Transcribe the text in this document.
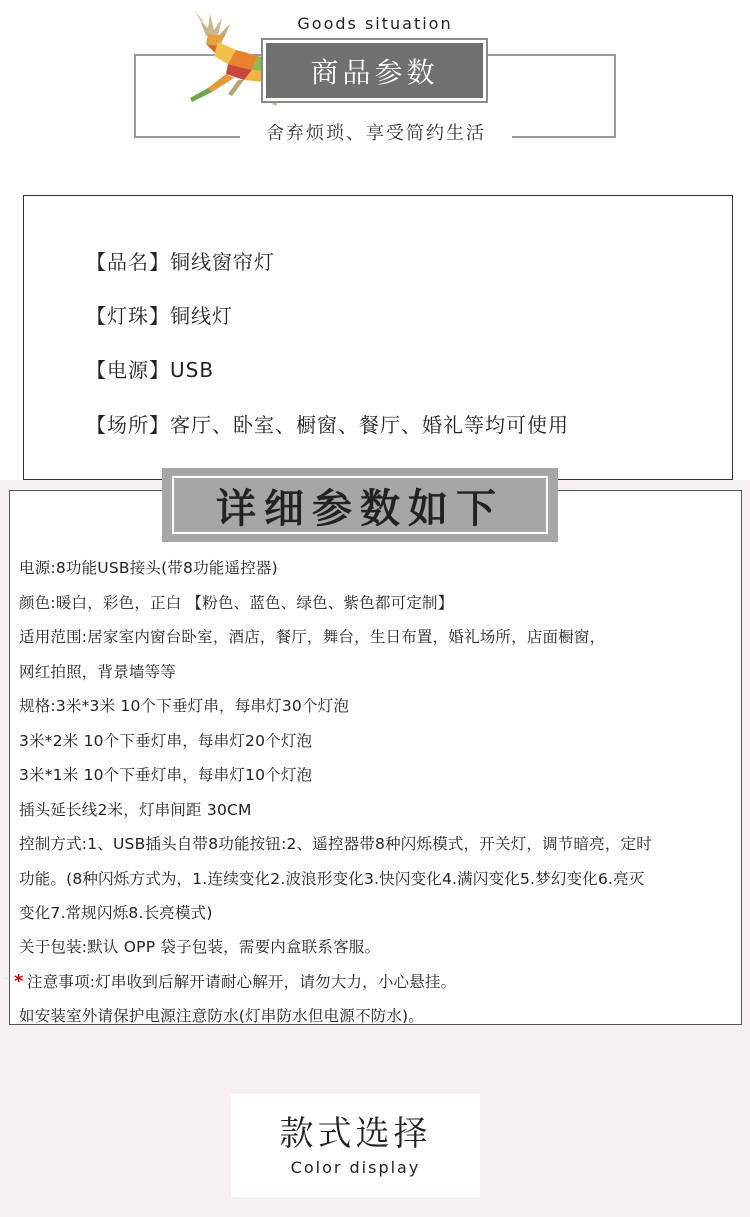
Goods situation
商品参数
舍弃烦琐、享受简约生活
【品名】铜线窗帘灯
【灯珠】铜线灯
【电源】USB
【场所】客厅、卧室、橱窗、餐厅、婚礼等均可使用
电源:8功能USB接头(带8功能遥控器)
颜色:暖白，彩色，正白 【粉色、蓝色、绿色、紫色都可定制】
适用范围:居家室内窗台卧室，酒店，餐厅，舞台，生日布置，婚礼场所，店面橱窗，
网红拍照，背景墙等等
规格:3米*3米 10个下垂灯串，每串灯30个灯泡
3米*2米 10个下垂灯串，每串灯20个灯泡
3米*1米 10个下垂灯串，每串灯10个灯泡
插头延长线2米，灯串间距 30CM
控制方式:1、USB插头自带8功能按钮:2、遥控器带8种闪烁模式，开关灯，调节暗亮，定时
功能。(8种闪烁方式为，1.连续变化2.波浪形变化3.快闪变化4.满闪变化5.梦幻变化6.亮灭
变化7.常规闪烁8.长亮模式)
关于包装:默认 OPP 袋子包装，需要内盒联系客服。
* 注意事项:灯串收到后解开请耐心解开，请勿大力，小心悬挂。
如安装室外请保护电源注意防水(灯串防水但电源不防水)。
详细参数如下
款式选择
Color display
